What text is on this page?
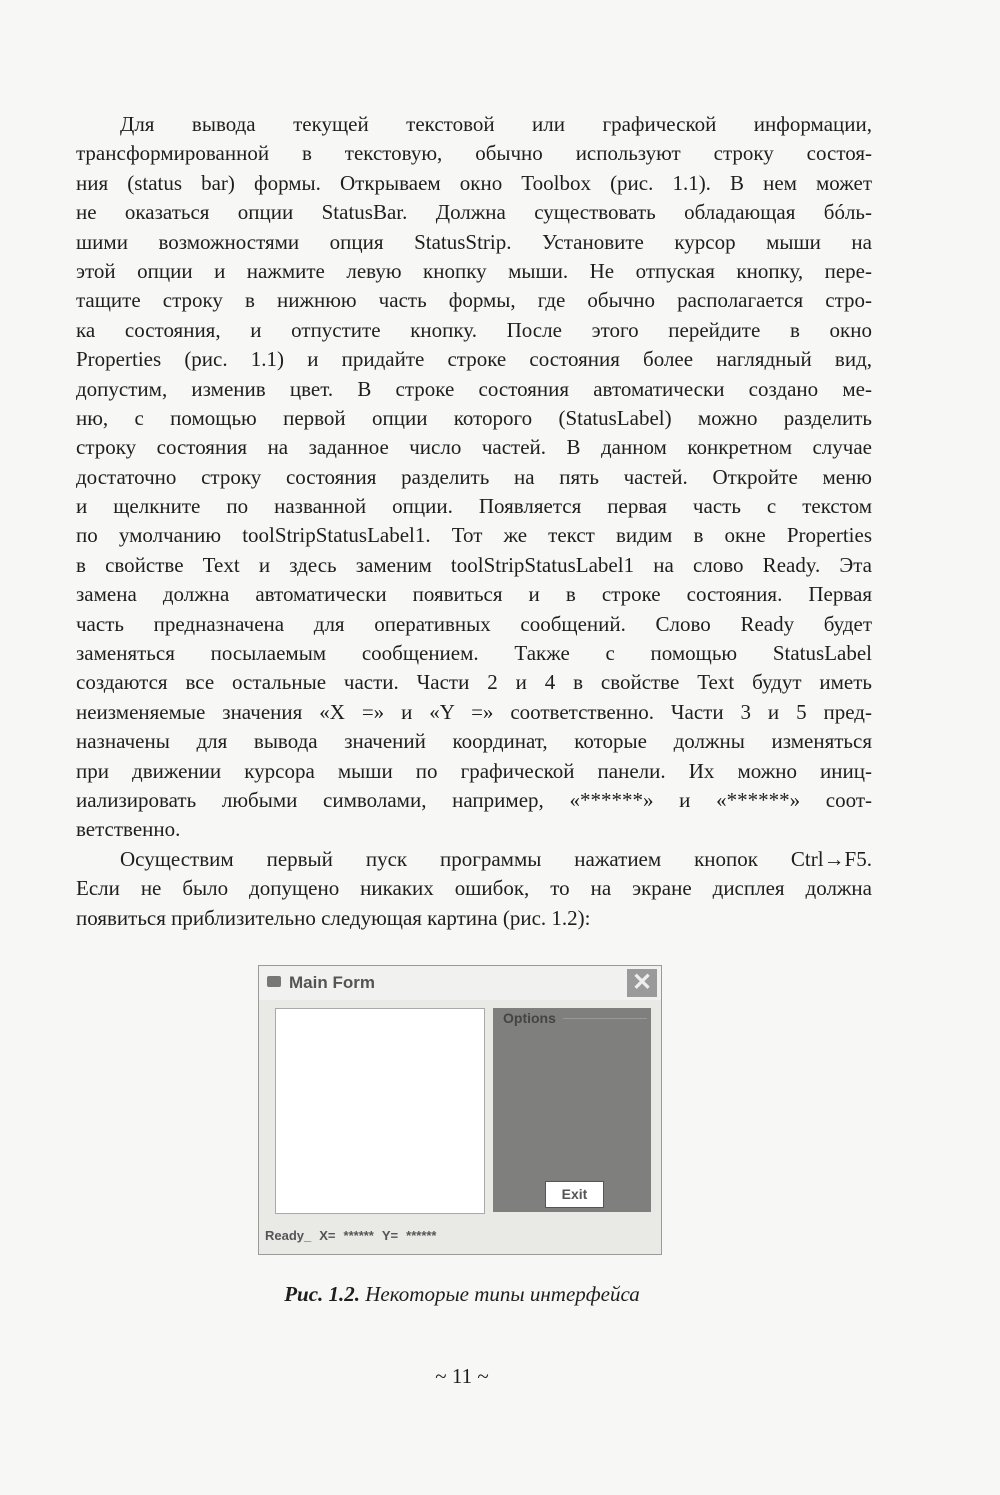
Для вывода текущей текстовой или графической информации,
трансформированной в текстовую, обычно используют строку состоя-
ния (status bar) формы. Открываем окно Toolbox (рис. 1.1). В нем может
не оказаться опции StatusBar. Должна существовать обладающая бóль-
шими возможностями опция StatusStrip. Установите курсор мыши на
этой опции и нажмите левую кнопку мыши. Не отпуская кнопку, пере-
тащите строку в нижнюю часть формы, где обычно располагается стро-
ка состояния, и отпустите кнопку. После этого перейдите в окно
Properties (рис. 1.1) и придайте строке состояния более наглядный вид,
допустим, изменив цвет. В строке состояния автоматически создано ме-
ню, с помощью первой опции которого (StatusLabel) можно разделить
строку состояния на заданное число частей. В данном конкретном случае
достаточно строку состояния разделить на пять частей. Откройте меню
и щелкните по названной опции. Появляется первая часть с текстом
по умолчанию toolStripStatusLabel1. Тот же текст видим в окне Properties
в свойстве Text и здесь заменим toolStripStatusLabel1 на слово Ready. Эта
замена должна автоматически появиться и в строке состояния. Первая
часть предназначена для оперативных сообщений. Слово Ready будет
заменяться посылаемым сообщением. Также с помощью StatusLabel
создаются все остальные части. Части 2 и 4 в свойстве Text будут иметь
неизменяемые значения «X =» и «Y =» соответственно. Части 3 и 5 пред-
назначены для вывода значений координат, которые должны изменяться
при движении курсора мыши по графической панели. Их можно иниц-
иализировать любыми символами, например, «******» и «******» соот-
ветственно.
Осуществим первый пуск программы нажатием кнопок Ctrl→F5.
Если не было допущено никаких ошибок, то на экране дисплея должна
появиться приблизительно следующая картина (рис. 1.2):
Main Form	✕
Options
Exit
Ready_ X= ****** Y= ******
Рис. 1.2. Некоторые типы интерфейса
~ 11 ~
